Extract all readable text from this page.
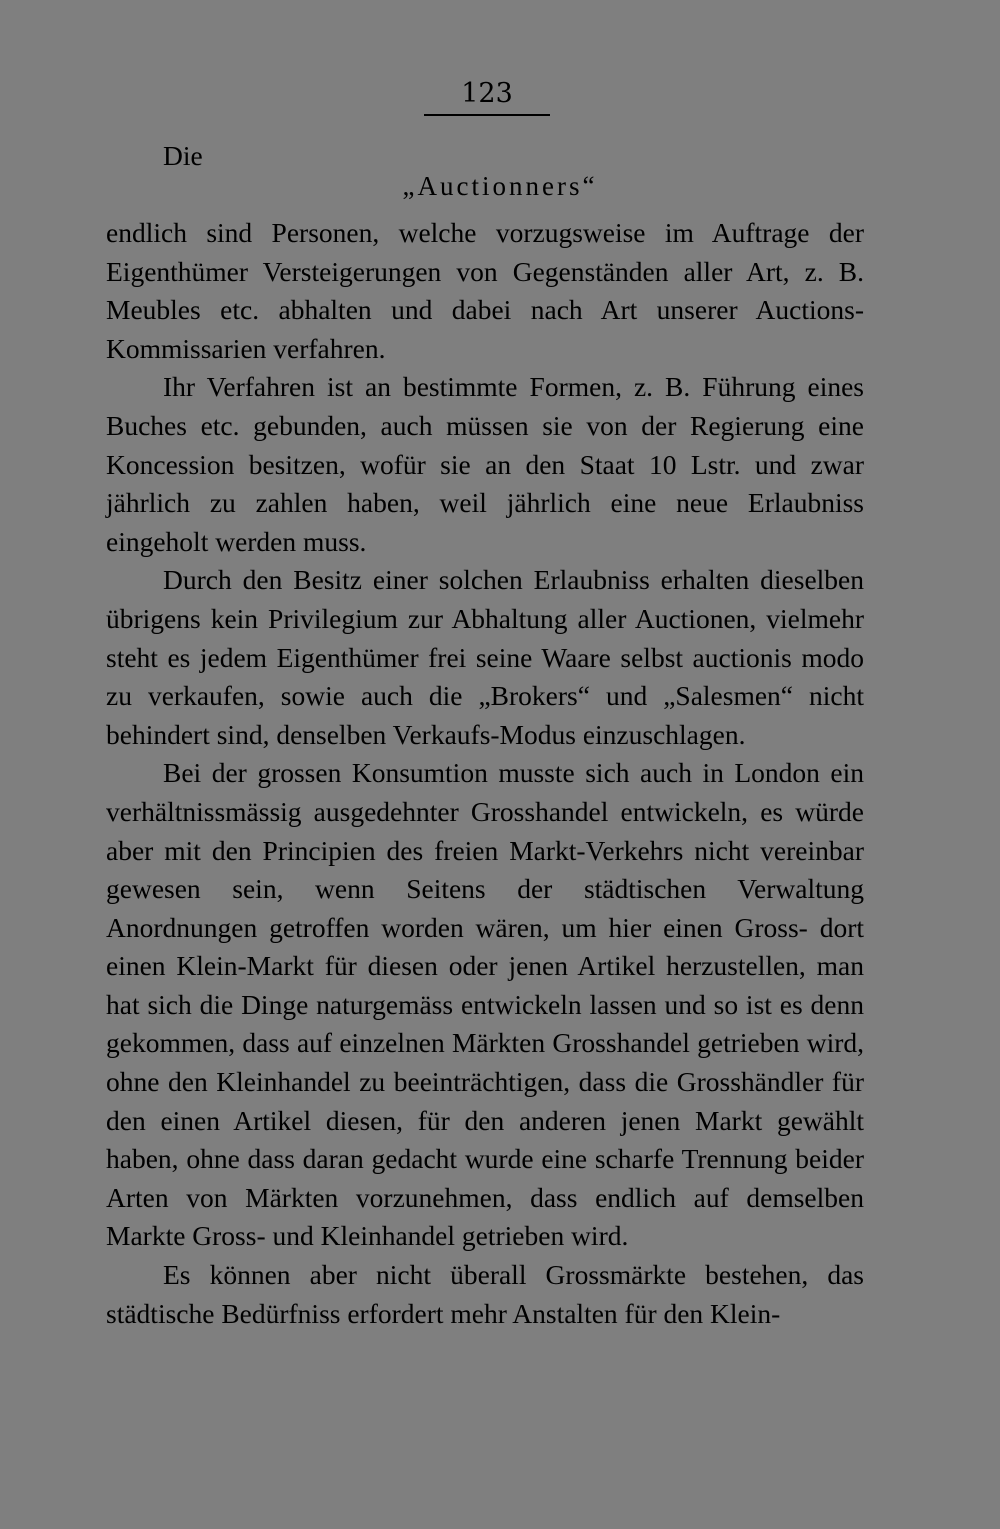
123
Die
„Auctionners“

endlich sind Personen, welche vorzugsweise im Auftrage der Eigenthümer Versteigerungen von Gegenständen aller Art, z. B. Meubles etc. abhalten und dabei nach Art unserer Auctions-Kommissarien verfahren.

Ihr Verfahren ist an bestimmte Formen, z. B. Führung eines Buches etc. gebunden, auch müssen sie von der Regierung eine Koncession besitzen, wofür sie an den Staat 10 Lstr. und zwar jährlich zu zahlen haben, weil jährlich eine neue Erlaubniss eingeholt werden muss.

Durch den Besitz einer solchen Erlaubniss erhalten dieselben übrigens kein Privilegium zur Abhaltung aller Auctionen, vielmehr steht es jedem Eigenthümer frei seine Waare selbst auctionis modo zu verkaufen, sowie auch die „Brokers“ und „Salesmen“ nicht behindert sind, denselben Verkaufs-Modus einzuschlagen.

Bei der grossen Konsumtion musste sich auch in London ein verhältnissmässig ausgedehnter Grosshandel entwickeln, es würde aber mit den Principien des freien Markt-Verkehrs nicht vereinbar gewesen sein, wenn Seitens der städtischen Verwaltung Anordnungen getroffen worden wären, um hier einen Gross- dort einen Klein-Markt für diesen oder jenen Artikel herzustellen, man hat sich die Dinge naturgemäss entwickeln lassen und so ist es denn gekommen, dass auf einzelnen Märkten Grosshandel getrieben wird, ohne den Kleinhandel zu beeinträchtigen, dass die Grosshändler für den einen Artikel diesen, für den anderen jenen Markt gewählt haben, ohne dass daran gedacht wurde eine scharfe Trennung beider Arten von Märkten vorzunehmen, dass endlich auf demselben Markte Gross- und Kleinhandel getrieben wird.

Es können aber nicht überall Grossmärkte bestehen, das städtische Bedürfniss erfordert mehr Anstalten für den Klein-
